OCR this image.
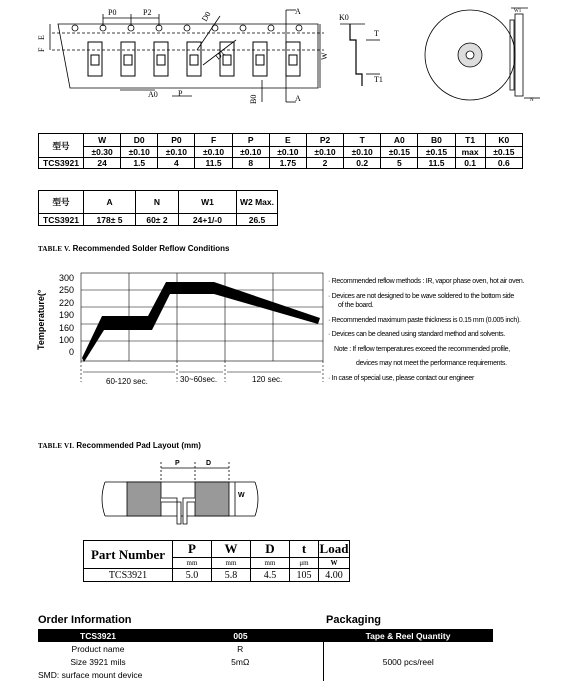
P0	P2	D0
D1
E
F
W
A0	P
B0
A
A
K0
T
T1
W1
N
型号	W	D0	P0	F	P	E	P2	T	A0	B0	T1	K0
	±0.30	±0.10	±0.10	±0.10	±0.10	±0.10	±0.10	±0.10	±0.15	±0.15	max	±0.15
TCS3921	24	1.5	4	11.5	8	1.75	2	0.2	5	11.5	0.1	0.6
型号	A	N	W1	W2 Max.
TCS3921	178± 5	60± 2	24+1/-0	26.5
TABLE V. Recommended Solder Reflow Conditions
Temperature(°
300
250
220
190
160
100
0
60-120 sec.	30~60sec.	120 sec.
· Recommended reflow methods : IR, vapor phase oven, hot air oven.
· Devices are not designed to be wave soldered to the bottom side
of the board.
· Recommended maximum paste thickness is 0.15 mm (0.005 inch).
· Devices can be cleaned using standard method and solvents.
Note : If reflow temperatures exceed the recommended profile,
devices may not meet the performance requirements.
· In case of special use, please contact our engineer
TABLE VI. Recommended Pad Layout (mm)
P	D
W
Part Number	P	W	D	t	Load
	mm	mm	mm	μm	W
TCS3921	5.0	5.8	4.5	105	4.00
Order Information	Packaging
TCS3921	005	Tape & Reel Quantity
Product name	R	5000 pcs/reel
Size 3921 mils	5mΩ	
SMD: surface mount device		
